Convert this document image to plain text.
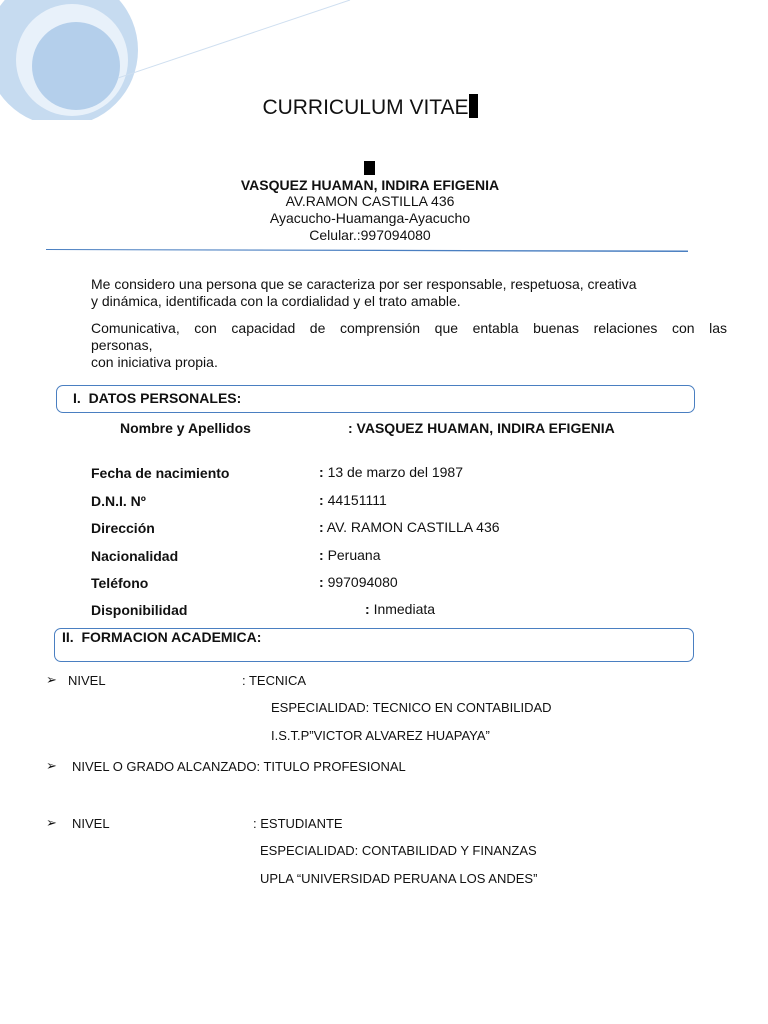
CURRICULUM VITAE
VASQUEZ HUAMAN, INDIRA EFIGENIA
AV.RAMON CASTILLA 436
Ayacucho-Huamanga-Ayacucho
Celular.:997094080
Me considero una persona que se caracteriza por ser responsable, respetuosa, creativa
y dinámica, identificada con la cordialidad y el trato amable.
Comunicativa, con capacidad de comprensión que entabla buenas relaciones con las
personas,
con iniciativa propia.
I. DATOS PERSONALES:
Nombre y Apellidos	: VASQUEZ HUAMAN, INDIRA EFIGENIA
Fecha de nacimiento	: 13 de marzo del 1987
D.N.I. Nº	: 44151111
Dirección	: AV. RAMON CASTILLA 436
Nacionalidad	: Peruana
Teléfono	: 997094080
Disponibilidad	: Inmediata
II. FORMACION ACADEMICA:
➢ NIVEL	: TECNICA
ESPECIALIDAD: TECNICO EN CONTABILIDAD
I.S.T.P”VICTOR ALVAREZ HUAPAYA”
➢ NIVEL O GRADO ALCANZADO: TITULO PROFESIONAL
➢ NIVEL	: ESTUDIANTE
ESPECIALIDAD: CONTABILIDAD Y FINANZAS
UPLA “UNIVERSIDAD PERUANA LOS ANDES”
